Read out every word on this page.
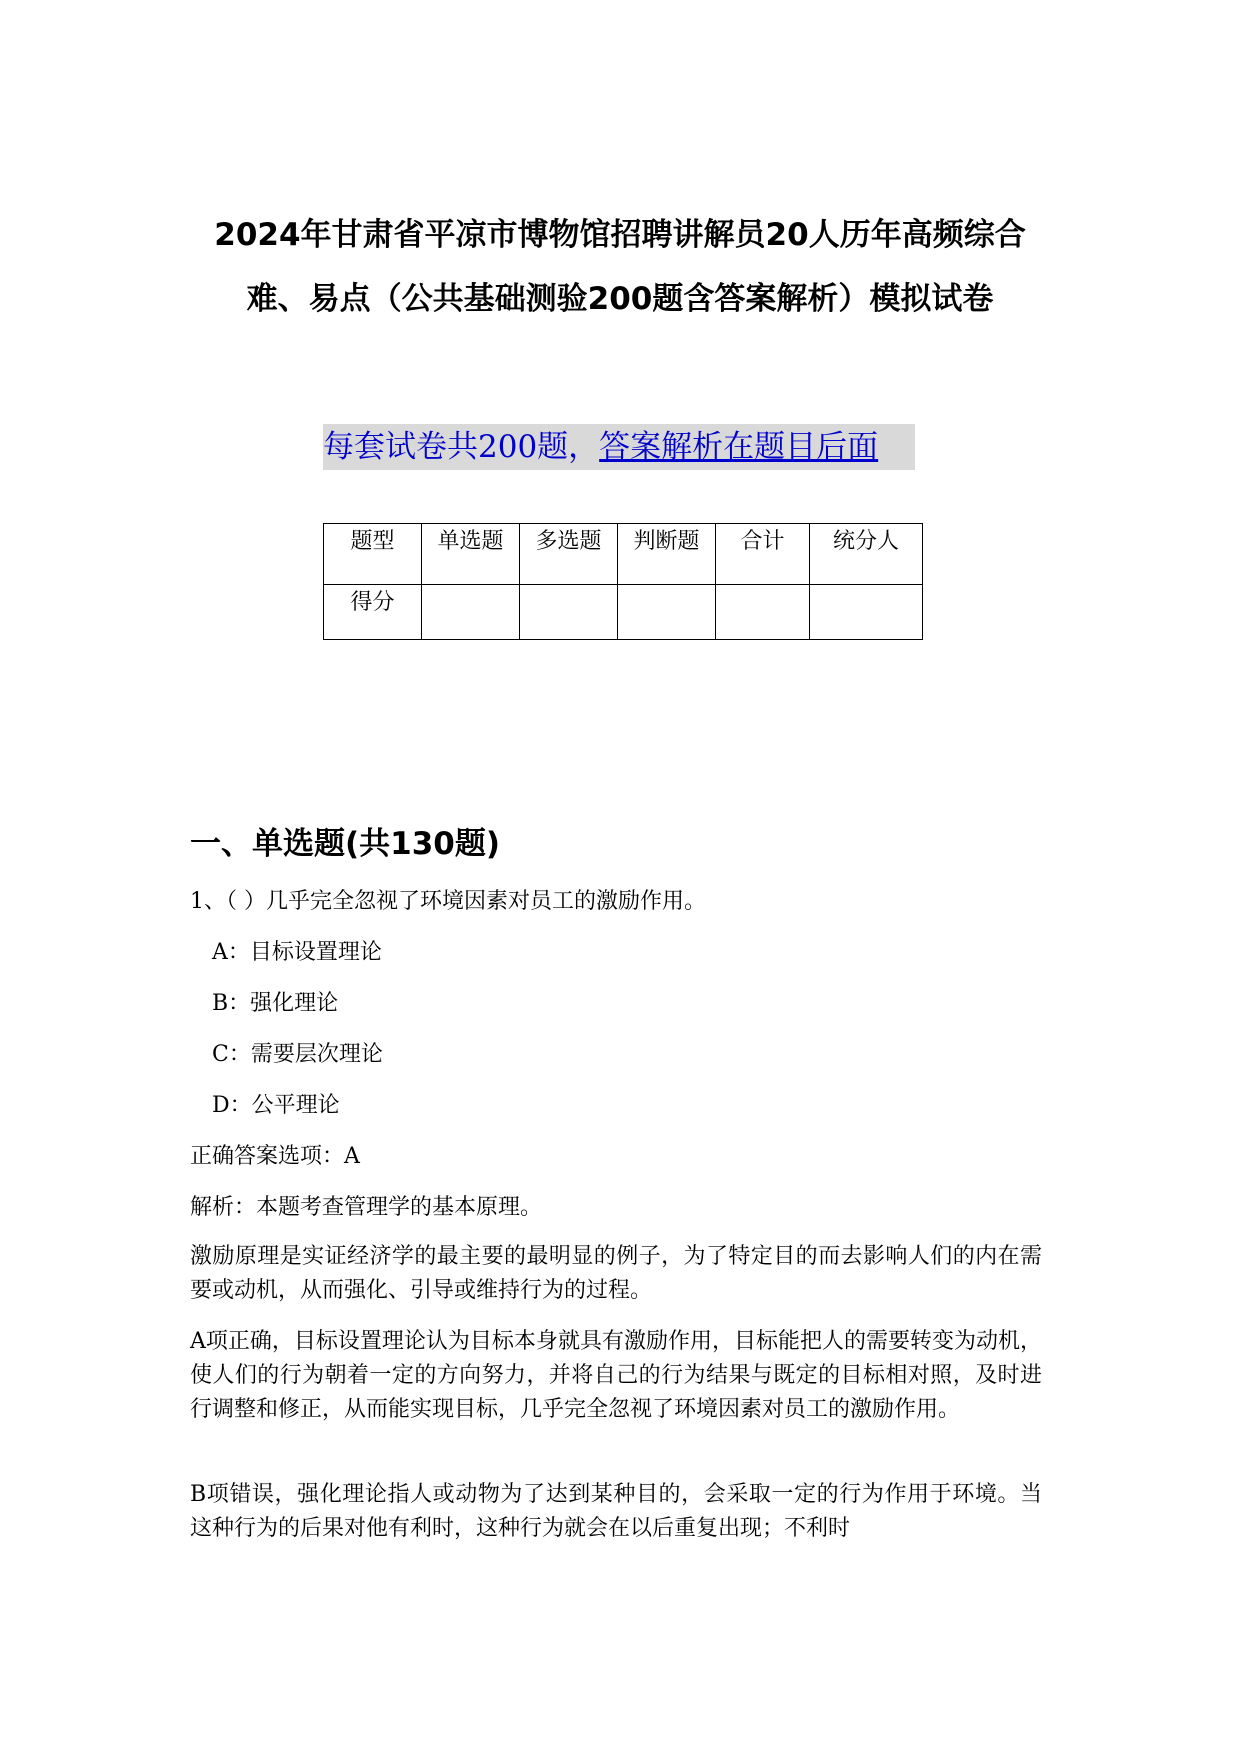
2024年甘肃省平凉市博物馆招聘讲解员20人历年高频综合
难、易点（公共基础测验200题含答案解析）模拟试卷
每套试卷共200题，答案解析在题目后面
题型	单选题	多选题	判断题	合计	统分人
得分					
一、单选题(共130题)
1、（ ）几乎完全忽视了环境因素对员工的激励作用。
A：目标设置理论
B：强化理论
C：需要层次理论
D：公平理论
正确答案选项：A
解析：本题考查管理学的基本原理。

激励原理是实证经济学的最主要的最明显的例子，为了特定目的而去影响人们的内在需要或动机，从而强化、引导或维持行为的过程。

A项正确，目标设置理论认为目标本身就具有激励作用，目标能把人的需要转变为动机，使人们的行为朝着一定的方向努力，并将自己的行为结果与既定的目标相对照，及时进行调整和修正，从而能实现目标，几乎完全忽视了环境因素对员工的激励作用。

B项错误，强化理论指人或动物为了达到某种目的，会采取一定的行为作用于环境。当这种行为的后果对他有利时，这种行为就会在以后重复出现；不利时
